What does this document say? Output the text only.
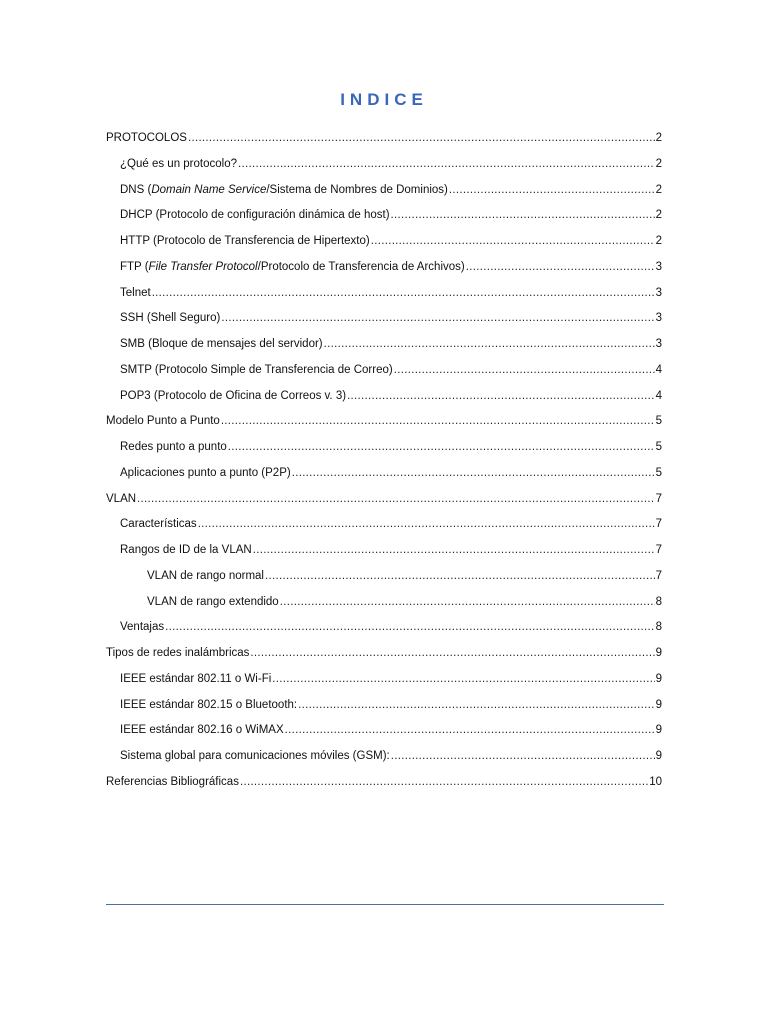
INDICE
PROTOCOLOS .....	2
¿Qué es un protocolo? .....	2
DNS (Domain Name Service/Sistema de Nombres de Dominios) .....	2
DHCP (Protocolo de configuración dinámica de host) .....	2
HTTP (Protocolo de Transferencia de Hipertexto) .....	2
FTP (File Transfer Protocol/Protocolo de Transferencia de Archivos) .....	3
Telnet .....	3
SSH (Shell Seguro) .....	3
SMB (Bloque de mensajes del servidor) .....	3
SMTP (Protocolo Simple de Transferencia de Correo) .....	4
POP3 (Protocolo de Oficina de Correos v. 3) .....	4
Modelo Punto a Punto .....	5
Redes punto a punto .....	5
Aplicaciones punto a punto (P2P) .....	5
VLAN .....	7
Características .....	7
Rangos de ID de la VLAN .....	7
VLAN de rango normal .....	7
VLAN de rango extendido .....	8
Ventajas .....	8
Tipos de redes inalámbricas .....	9
IEEE estándar 802.11 o Wi-Fi .....	9
IEEE estándar 802.15 o Bluetooth: .....	9
IEEE estándar 802.16 o WiMAX .....	9
Sistema global para comunicaciones móviles (GSM): .....	9
Referencias Bibliográficas .....	10
